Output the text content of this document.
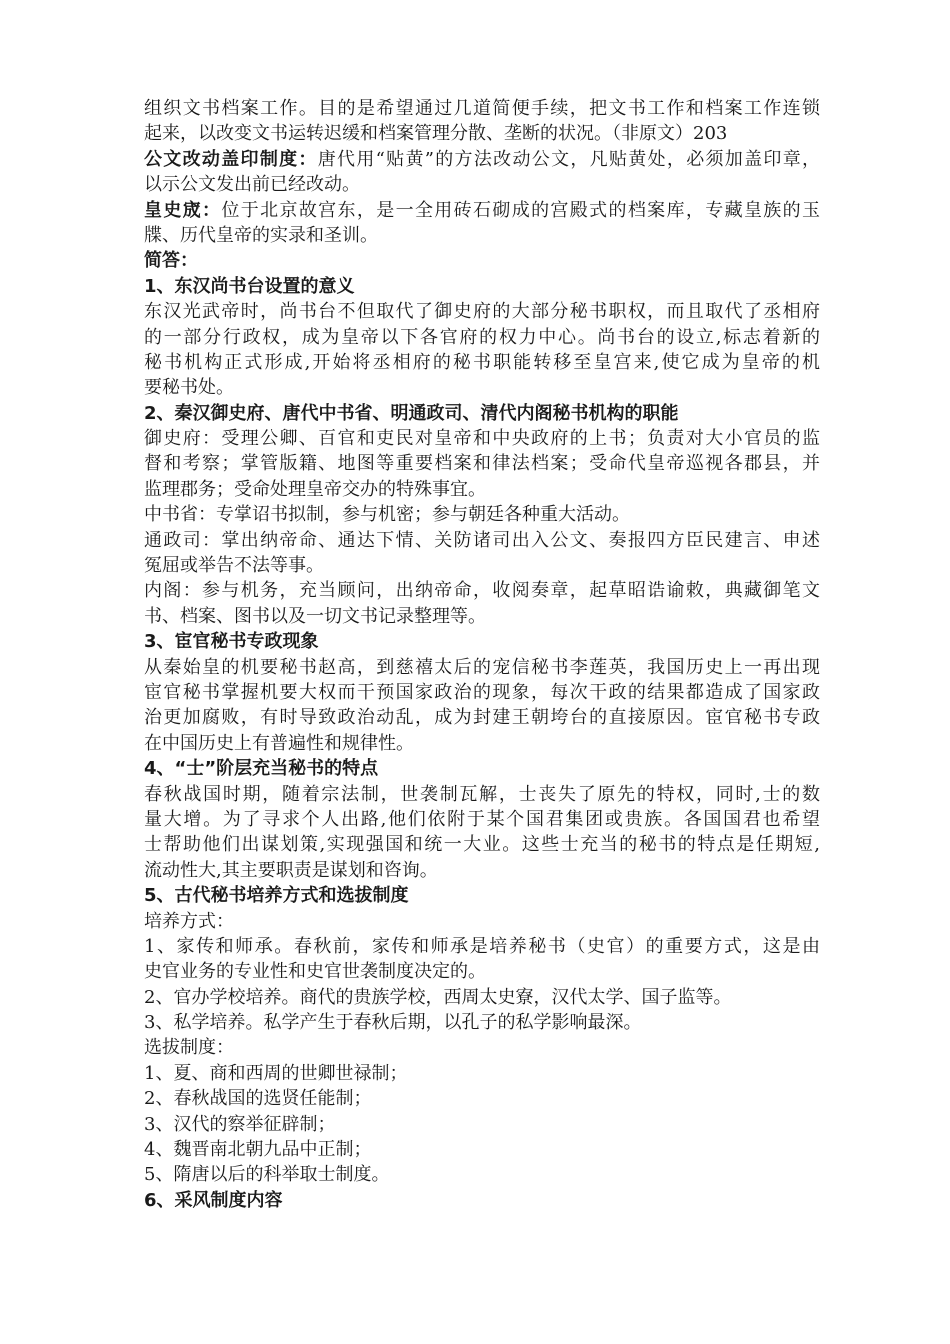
组织文书档案工作。目的是希望通过几道简便手续，把文书工作和档案工作连锁
起来，以改变文书运转迟缓和档案管理分散、垄断的状况。（非原文）203
公文改动盖印制度：唐代用“贴黄”的方法改动公文，凡贴黄处，必须加盖印章，
以示公文发出前已经改动。
皇史宬：位于北京故宫东，是一全用砖石砌成的宫殿式的档案库，专藏皇族的玉
牒、历代皇帝的实录和圣训。
简答：
1、东汉尚书台设置的意义
东汉光武帝时，尚书台不但取代了御史府的大部分秘书职权，而且取代了丞相府
的一部分行政权，成为皇帝以下各官府的权力中心。尚书台的设立,标志着新的
秘书机构正式形成,开始将丞相府的秘书职能转移至皇宫来,使它成为皇帝的机
要秘书处。
2、秦汉御史府、唐代中书省、明通政司、清代内阁秘书机构的职能
御史府：受理公卿、百官和吏民对皇帝和中央政府的上书；负责对大小官员的监
督和考察；掌管版籍、地图等重要档案和律法档案；受命代皇帝巡视各郡县，并
监理郡务；受命处理皇帝交办的特殊事宜。
中书省：专掌诏书拟制，参与机密；参与朝廷各种重大活动。
通政司：掌出纳帝命、通达下情、关防诸司出入公文、奏报四方臣民建言、申述
冤屈或举告不法等事。
内阁：参与机务，充当顾问，出纳帝命，收阅奏章，起草昭诰谕敕，典藏御笔文
书、档案、图书以及一切文书记录整理等。
3、宦官秘书专政现象
从秦始皇的机要秘书赵高，到慈禧太后的宠信秘书李莲英，我国历史上一再出现
宦官秘书掌握机要大权而干预国家政治的现象，每次干政的结果都造成了国家政
治更加腐败，有时导致政治动乱，成为封建王朝垮台的直接原因。宦官秘书专政
在中国历史上有普遍性和规律性。
4、“士”阶层充当秘书的特点
春秋战国时期，随着宗法制，世袭制瓦解，士丧失了原先的特权，同时,士的数
量大增。为了寻求个人出路,他们依附于某个国君集团或贵族。各国国君也希望
士帮助他们出谋划策,实现强国和统一大业。这些士充当的秘书的特点是任期短,
流动性大,其主要职责是谋划和咨询。
5、古代秘书培养方式和选拔制度
培养方式：
1、家传和师承。春秋前，家传和师承是培养秘书（史官）的重要方式，这是由
史官业务的专业性和史官世袭制度决定的。
2、官办学校培养。商代的贵族学校，西周太史寮，汉代太学、国子监等。
3、私学培养。私学产生于春秋后期，以孔子的私学影响最深。
选拔制度：
1、夏、商和西周的世卿世禄制；
2、春秋战国的选贤任能制；
3、汉代的察举征辟制；
4、魏晋南北朝九品中正制；
5、隋唐以后的科举取士制度。
6、采风制度内容
